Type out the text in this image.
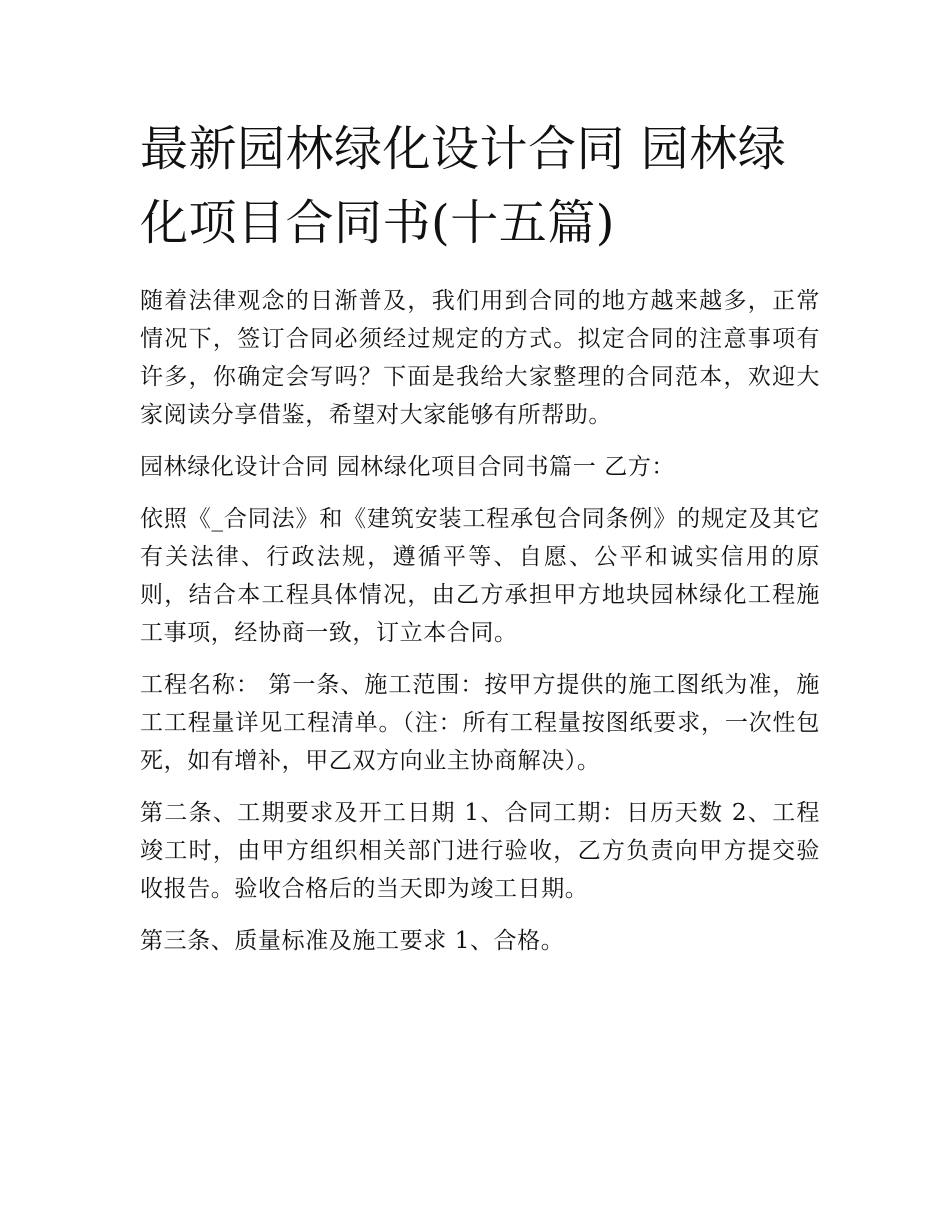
最新园林绿化设计合同 园林绿化项目合同书(十五篇)

随着法律观念的日渐普及，我们用到合同的地方越来越多，正常情况下，签订合同必须经过规定的方式。拟定合同的注意事项有许多，你确定会写吗？下面是我给大家整理的合同范本，欢迎大家阅读分享借鉴，希望对大家能够有所帮助。

园林绿化设计合同 园林绿化项目合同书篇一 乙方：

依照《_合同法》和《建筑安装工程承包合同条例》的规定及其它有关法律、行政法规，遵循平等、自愿、公平和诚实信用的原则，结合本工程具体情况，由乙方承担甲方地块园林绿化工程施工事项，经协商一致，订立本合同。

工程名称： 第一条、施工范围：按甲方提供的施工图纸为准，施工工程量详见工程清单。（注：所有工程量按图纸要求，一次性包死，如有增补，甲乙双方向业主协商解决）。

第二条、工期要求及开工日期 1、合同工期：日历天数 2、工程竣工时，由甲方组织相关部门进行验收，乙方负责向甲方提交验收报告。验收合格后的当天即为竣工日期。

第三条、质量标准及施工要求 1、合格。
